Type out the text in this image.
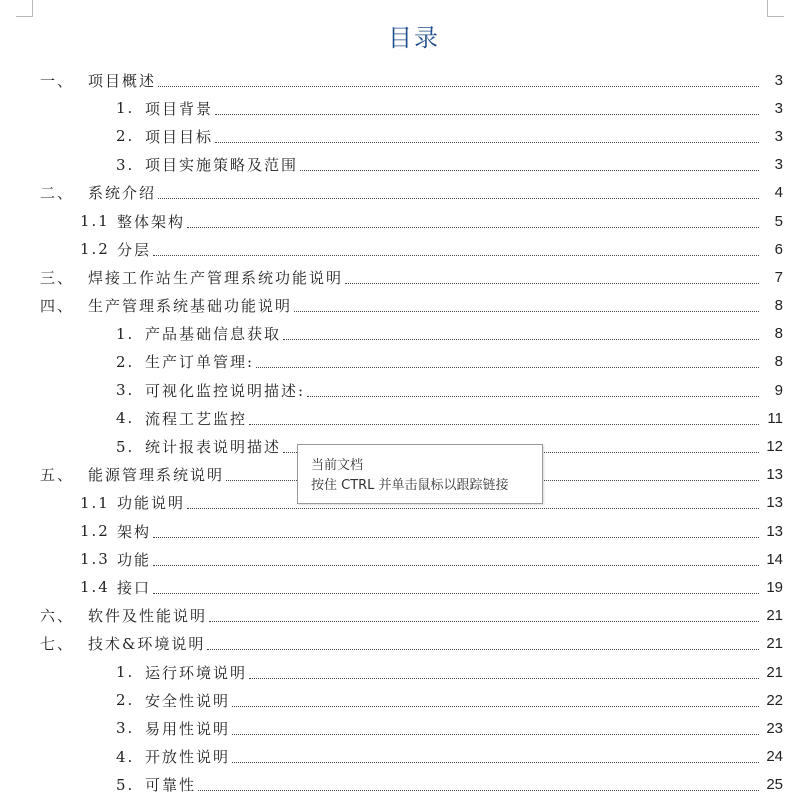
目录
一、 项目概述	3
1. 项目背景	3
2. 项目目标	3
3. 项目实施策略及范围	3
二、 系统介绍	4
1.1 整体架构	5
1.2 分层	6
三、 焊接工作站生产管理系统功能说明	7
四、 生产管理系统基础功能说明	8
1. 产品基础信息获取	8
2. 生产订单管理:	8
3. 可视化监控说明描述:	9
4. 流程工艺监控	11
5. 统计报表说明描述	12
五、 能源管理系统说明	13
1.1 功能说明	13
1.2 架构	13
1.3 功能	14
1.4 接口	19
六、 软件及性能说明	21
七、 技术&环境说明	21
1. 运行环境说明	21
2. 安全性说明	22
3. 易用性说明	23
4. 开放性说明	24
5. 可靠性	25
当前文档
按住 CTRL 并单击鼠标以跟踪链接
